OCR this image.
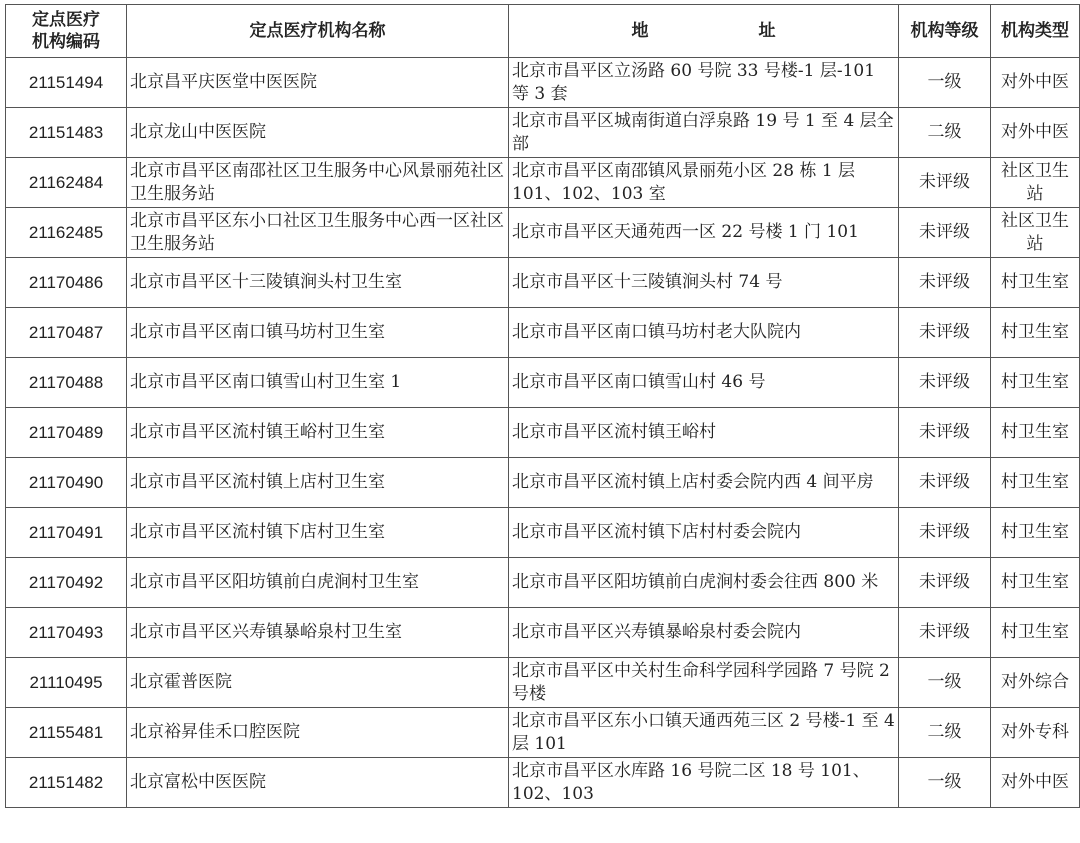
定点医疗
机构编码	定点医疗机构名称	地 址	机构等级	机构类型
21151494	北京昌平庆医堂中医医院	北京市昌平区立汤路 60 号院 33 号楼-1 层-101 等 3 套	一级	对外中医
21151483	北京龙山中医医院	北京市昌平区城南街道白浮泉路 19 号 1 至 4 层全部	二级	对外中医
21162484	北京市昌平区南邵社区卫生服务中心风景丽苑社区卫生服务站	北京市昌平区南邵镇风景丽苑小区 28 栋 1 层 101、102、103 室	未评级	社区卫生站
21162485	北京市昌平区东小口社区卫生服务中心西一区社区卫生服务站	北京市昌平区天通苑西一区 22 号楼 1 门 101	未评级	社区卫生站
21170486	北京市昌平区十三陵镇涧头村卫生室	北京市昌平区十三陵镇涧头村 74 号	未评级	村卫生室
21170487	北京市昌平区南口镇马坊村卫生室	北京市昌平区南口镇马坊村老大队院内	未评级	村卫生室
21170488	北京市昌平区南口镇雪山村卫生室 1	北京市昌平区南口镇雪山村 46 号	未评级	村卫生室
21170489	北京市昌平区流村镇王峪村卫生室	北京市昌平区流村镇王峪村	未评级	村卫生室
21170490	北京市昌平区流村镇上店村卫生室	北京市昌平区流村镇上店村委会院内西 4 间平房	未评级	村卫生室
21170491	北京市昌平区流村镇下店村卫生室	北京市昌平区流村镇下店村村委会院内	未评级	村卫生室
21170492	北京市昌平区阳坊镇前白虎涧村卫生室	北京市昌平区阳坊镇前白虎涧村委会往西 800 米	未评级	村卫生室
21170493	北京市昌平区兴寿镇暴峪泉村卫生室	北京市昌平区兴寿镇暴峪泉村委会院内	未评级	村卫生室
21110495	北京霍普医院	北京市昌平区中关村生命科学园科学园路 7 号院 2 号楼	一级	对外综合
21155481	北京裕昇佳禾口腔医院	北京市昌平区东小口镇天通西苑三区 2 号楼-1 至 4 层 101	二级	对外专科
21151482	北京富松中医医院	北京市昌平区水库路 16 号院二区 18 号 101、102、103	一级	对外中医
